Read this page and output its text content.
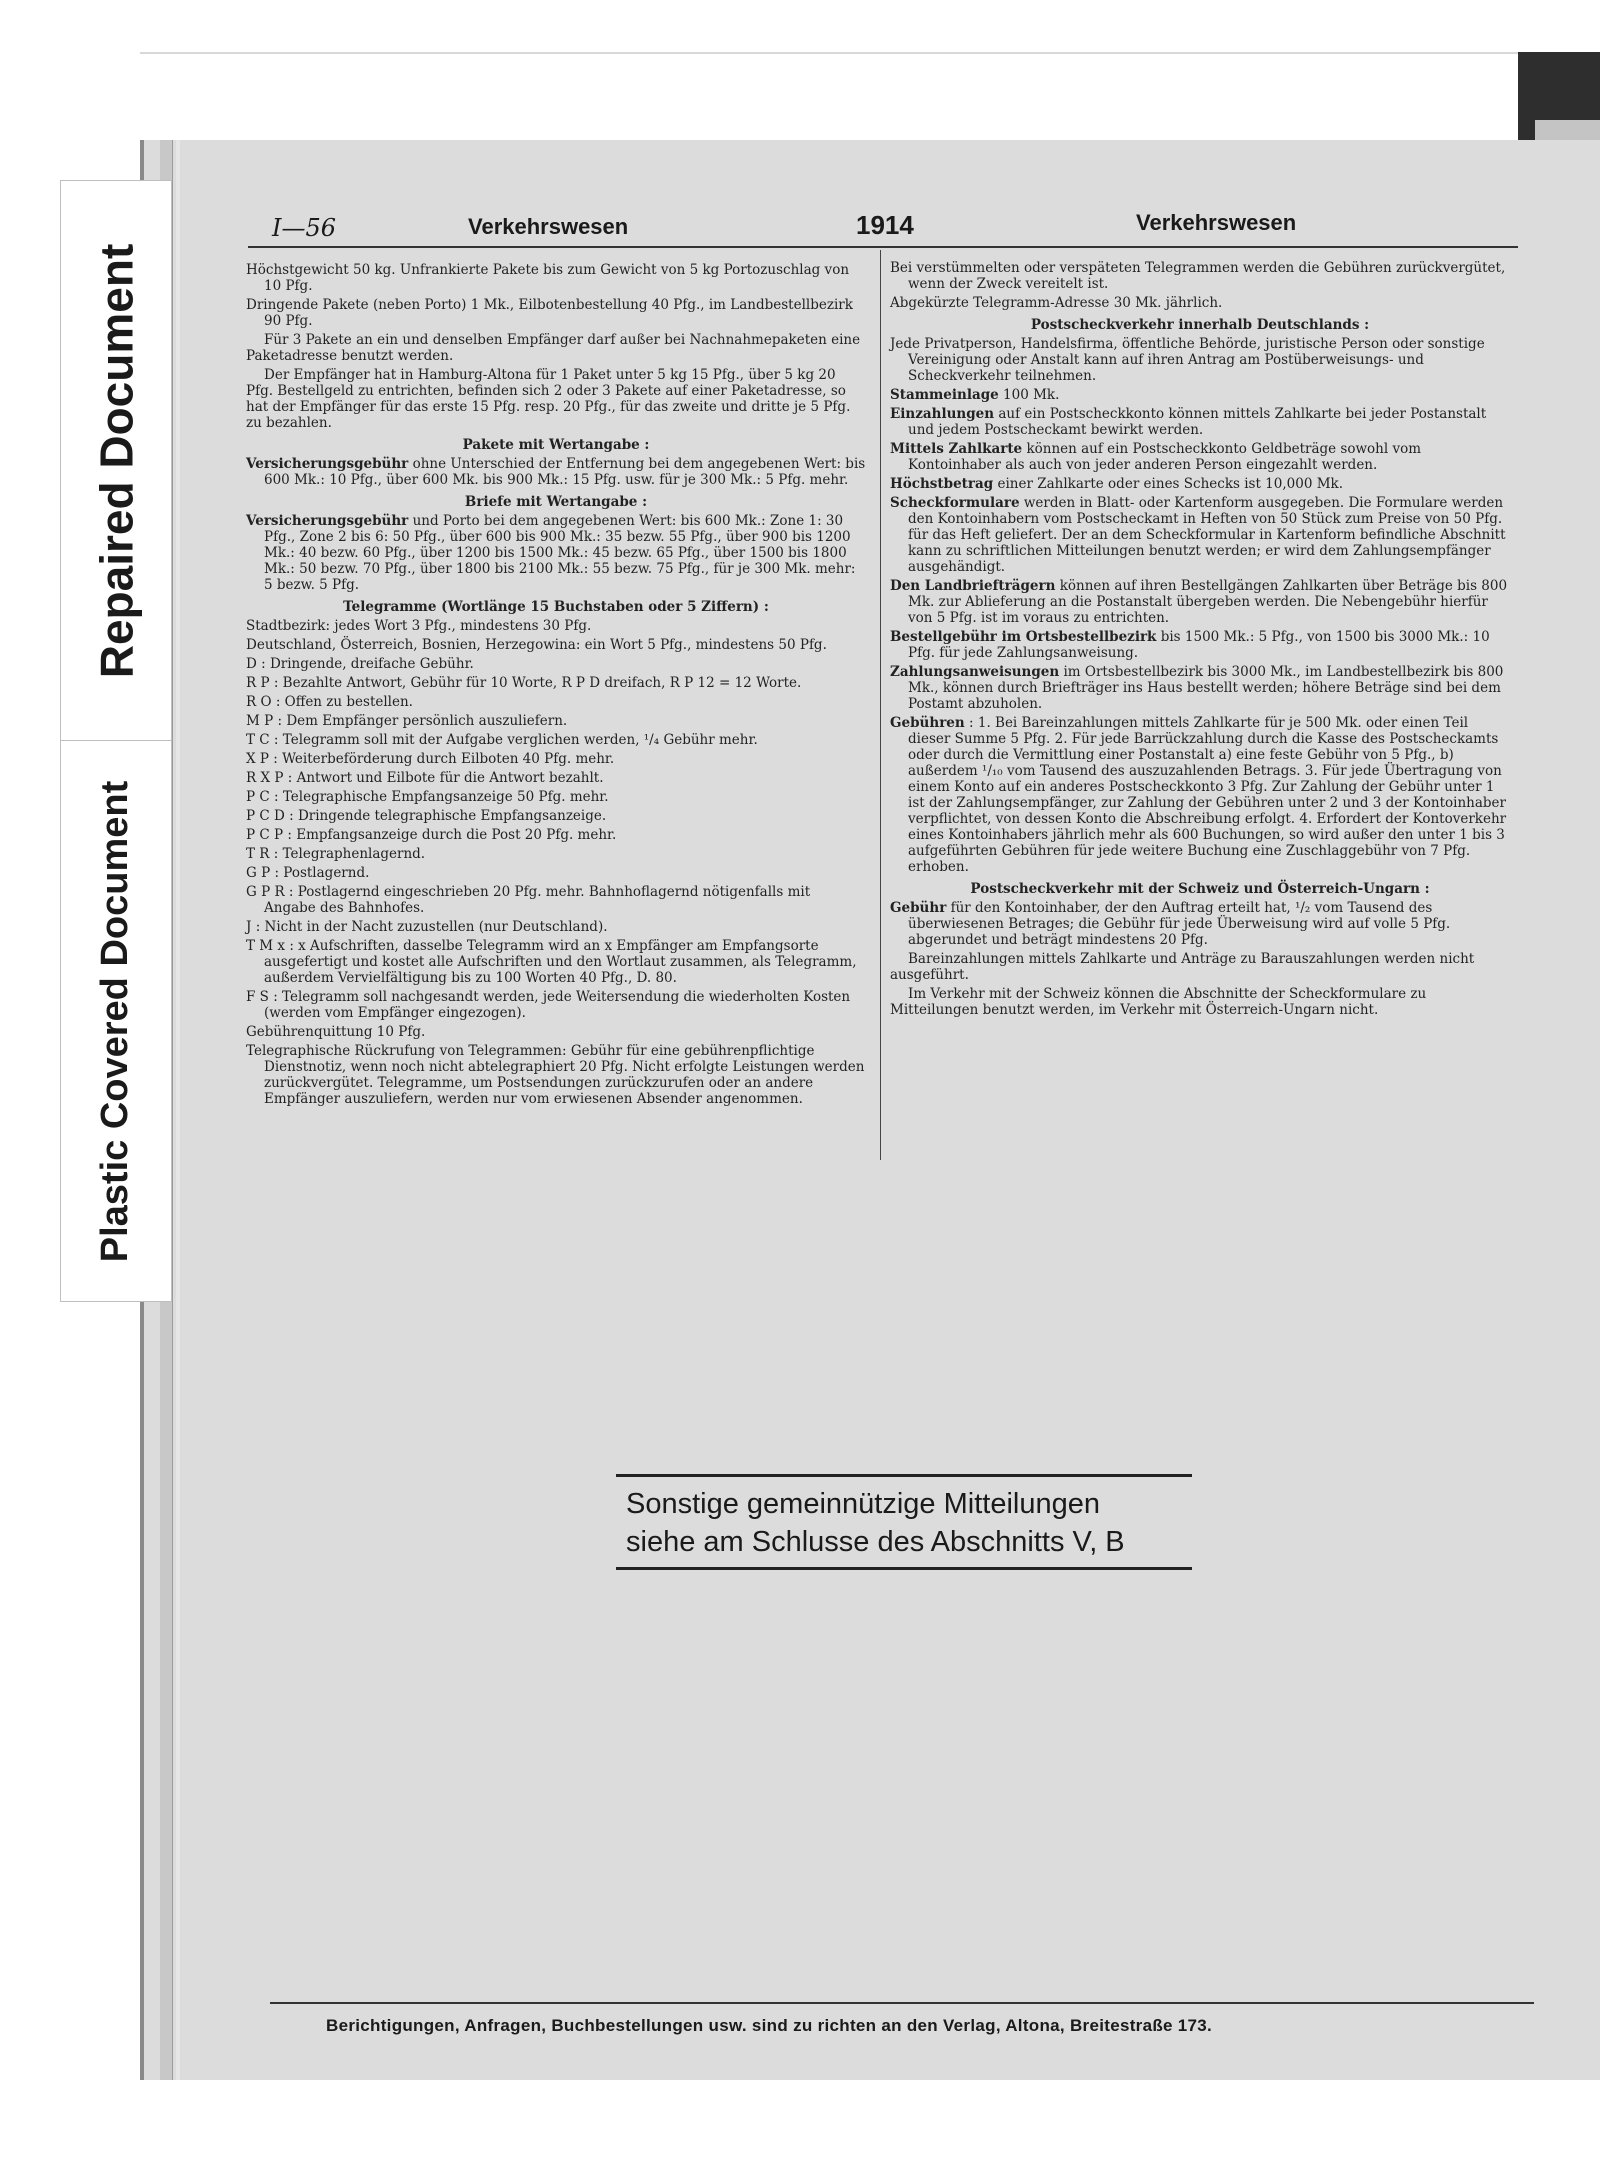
Repaired Document
Plastic Covered Document
I—56	Verkehrswesen	1914	Verkehrswesen

Höchstgewicht 50 kg. Unfrankierte Pakete bis zum Gewicht von 5 kg Portozuschlag von 10 Pfg.

Dringende Pakete (neben Porto) 1 Mk., Eilbotenbestellung 40 Pfg., im Landbestellbezirk 90 Pfg.

Für 3 Pakete an ein und denselben Empfänger darf außer bei Nachnahmepaketen eine Paketadresse benutzt werden.

Der Empfänger hat in Hamburg-Altona für 1 Paket unter 5 kg 15 Pfg., über 5 kg 20 Pfg. Bestellgeld zu entrichten, befinden sich 2 oder 3 Pakete auf einer Paketadresse, so hat der Empfänger für das erste 15 Pfg. resp. 20 Pfg., für das zweite und dritte je 5 Pfg. zu bezahlen.

Pakete mit Wertangabe :

Versicherungsgebühr ohne Unterschied der Entfernung bei dem angegebenen Wert: bis 600 Mk.: 10 Pfg., über 600 Mk. bis 900 Mk.: 15 Pfg. usw. für je 300 Mk.: 5 Pfg. mehr.

Briefe mit Wertangabe :

Versicherungsgebühr und Porto bei dem angegebenen Wert: bis 600 Mk.: Zone 1: 30 Pfg., Zone 2 bis 6: 50 Pfg., über 600 bis 900 Mk.: 35 bezw. 55 Pfg., über 900 bis 1200 Mk.: 40 bezw. 60 Pfg., über 1200 bis 1500 Mk.: 45 bezw. 65 Pfg., über 1500 bis 1800 Mk.: 50 bezw. 70 Pfg., über 1800 bis 2100 Mk.: 55 bezw. 75 Pfg., für je 300 Mk. mehr: 5 bezw. 5 Pfg.

Telegramme (Wortlänge 15 Buchstaben oder 5 Ziffern) :

Stadtbezirk: jedes Wort 3 Pfg., mindestens 30 Pfg.

Deutschland, Österreich, Bosnien, Herzegowina: ein Wort 5 Pfg., mindestens 50 Pfg.

D : Dringende, dreifache Gebühr.

R P : Bezahlte Antwort, Gebühr für 10 Worte, R P D dreifach, R P 12 = 12 Worte.

R O : Offen zu bestellen.

M P : Dem Empfänger persönlich auszuliefern.

T C : Telegramm soll mit der Aufgabe verglichen werden, ¹/₄ Gebühr mehr.

X P : Weiterbeförderung durch Eilboten 40 Pfg. mehr.

R X P : Antwort und Eilbote für die Antwort bezahlt.

P C : Telegraphische Empfangsanzeige 50 Pfg. mehr.

P C D : Dringende telegraphische Empfangsanzeige.

P C P : Empfangsanzeige durch die Post 20 Pfg. mehr.

T R : Telegraphenlagernd.

G P : Postlagernd.

G P R : Postlagernd eingeschrieben 20 Pfg. mehr. Bahnhoflagernd nötigenfalls mit Angabe des Bahnhofes.

J : Nicht in der Nacht zuzustellen (nur Deutschland).

T M x : x Aufschriften, dasselbe Telegramm wird an x Empfänger am Empfangsorte ausgefertigt und kostet alle Aufschriften und den Wortlaut zusammen, als Telegramm, außerdem Vervielfältigung bis zu 100 Worten 40 Pfg., D. 80.

F S : Telegramm soll nachgesandt werden, jede Weitersendung die wiederholten Kosten (werden vom Empfänger eingezogen).

Gebührenquittung 10 Pfg.

Telegraphische Rückrufung von Telegrammen: Gebühr für eine gebührenpflichtige Dienstnotiz, wenn noch nicht abtelegraphiert 20 Pfg. Nicht erfolgte Leistungen werden zurückvergütet. Telegramme, um Postsendungen zurückzurufen oder an andere Empfänger auszuliefern, werden nur vom erwiesenen Absender angenommen.

Bei verstümmelten oder verspäteten Telegrammen werden die Gebühren zurückvergütet, wenn der Zweck vereitelt ist.

Abgekürzte Telegramm-Adresse 30 Mk. jährlich.

Postscheckverkehr innerhalb Deutschlands :

Jede Privatperson, Handelsfirma, öffentliche Behörde, juristische Person oder sonstige Vereinigung oder Anstalt kann auf ihren Antrag am Postüberweisungs- und Scheckverkehr teilnehmen.

Stammeinlage 100 Mk.

Einzahlungen auf ein Postscheckkonto können mittels Zahlkarte bei jeder Postanstalt und jedem Postscheckamt bewirkt werden.

Mittels Zahlkarte können auf ein Postscheckkonto Geldbeträge sowohl vom Kontoinhaber als auch von jeder anderen Person eingezahlt werden.

Höchstbetrag einer Zahlkarte oder eines Schecks ist 10,000 Mk.

Scheckformulare werden in Blatt- oder Kartenform ausgegeben. Die Formulare werden den Kontoinhabern vom Postscheckamt in Heften von 50 Stück zum Preise von 50 Pfg. für das Heft geliefert. Der an dem Scheckformular in Kartenform befindliche Abschnitt kann zu schriftlichen Mitteilungen benutzt werden; er wird dem Zahlungsempfänger ausgehändigt.

Den Landbriefträgern können auf ihren Bestellgängen Zahlkarten über Beträge bis 800 Mk. zur Ablieferung an die Postanstalt übergeben werden. Die Nebengebühr hierfür von 5 Pfg. ist im voraus zu entrichten.

Bestellgebühr im Ortsbestellbezirk bis 1500 Mk.: 5 Pfg., von 1500 bis 3000 Mk.: 10 Pfg. für jede Zahlungsanweisung.

Zahlungsanweisungen im Ortsbestellbezirk bis 3000 Mk., im Landbestellbezirk bis 800 Mk., können durch Briefträger ins Haus bestellt werden; höhere Beträge sind bei dem Postamt abzuholen.

Gebühren : 1. Bei Bareinzahlungen mittels Zahlkarte für je 500 Mk. oder einen Teil dieser Summe 5 Pfg. 2. Für jede Barrückzahlung durch die Kasse des Postscheckamts oder durch die Vermittlung einer Postanstalt a) eine feste Gebühr von 5 Pfg., b) außerdem ¹/₁₀ vom Tausend des auszuzahlenden Betrags. 3. Für jede Übertragung von einem Konto auf ein anderes Postscheckkonto 3 Pfg. Zur Zahlung der Gebühr unter 1 ist der Zahlungsempfänger, zur Zahlung der Gebühren unter 2 und 3 der Kontoinhaber verpflichtet, von dessen Konto die Abschreibung erfolgt. 4. Erfordert der Kontoverkehr eines Kontoinhabers jährlich mehr als 600 Buchungen, so wird außer den unter 1 bis 3 aufgeführten Gebühren für jede weitere Buchung eine Zuschlaggebühr von 7 Pfg. erhoben.

Postscheckverkehr mit der Schweiz und Österreich-Ungarn :

Gebühr für den Kontoinhaber, der den Auftrag erteilt hat, ¹/₂ vom Tausend des überwiesenen Betrages; die Gebühr für jede Überweisung wird auf volle 5 Pfg. abgerundet und beträgt mindestens 20 Pfg.

Bareinzahlungen mittels Zahlkarte und Anträge zu Barauszahlungen werden nicht ausgeführt.

Im Verkehr mit der Schweiz können die Abschnitte der Scheckformulare zu Mitteilungen benutzt werden, im Verkehr mit Österreich-Ungarn nicht.

Sonstige gemeinnützige Mitteilungen
siehe am Schlusse des Abschnitts V, B
Berichtigungen, Anfragen, Buchbestellungen usw. sind zu richten an den Verlag, Altona, Breitestraße 173.
